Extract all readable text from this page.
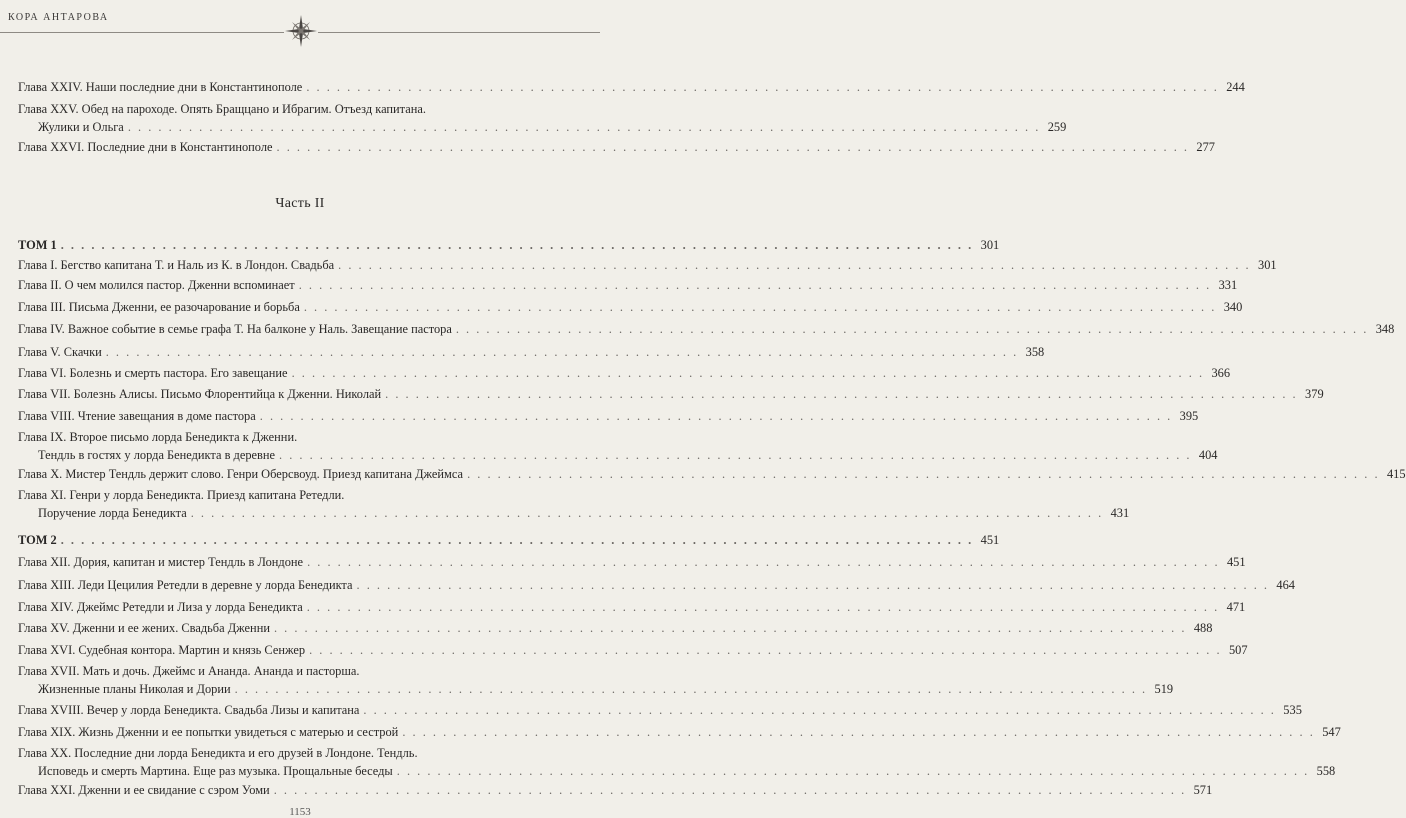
КОРА АНТАРОВА
Глава XXIV. Наши последние дни в Константинополе . . .	244
Глава XXV. Обед на пароходе. Опять Бращцано и Ибрагим. Отъезд капитана.
Жулики и Ольга . . .	259
Глава XXVI. Последние дни в Константинополе . . .	277
ТОМ 1 . . .	301
Глава I. Бегство капитана Т. и Наль из К. в Лондон. Свадьба . . .	301
Глава II. О чем молился пастор. Дженни вспоминает . . .	331
Глава III. Письма Дженни, ее разочарование и борьба . . .	340
Глава IV. Важное событие в семье графа Т. На балконе у Наль. Завещание пастора . . .	348
Глава V. Скачки . . .	358
Глава VI. Болезнь и смерть пастора. Его завещание . . .	366
Глава VII. Болезнь Алисы. Письмо Флорентийца к Дженни. Николай . . .	379
Глава VIII. Чтение завещания в доме пастора . . .	395
Глава IX. Второе письмо лорда Бенедикта к Дженни.
Тендль в гостях у лорда Бенедикта в деревне . . .	404
Глава X. Мистер Тендль держит слово. Генри Оберсвоуд. Приезд капитана Джеймса . . .	415
Глава XI. Генри у лорда Бенедикта. Приезд капитана Ретедли.
Поручение лорда Бенедикта . . .	431
ТОМ 2 . . .	451
Глава XII. Дория, капитан и мистер Тендль в Лондоне . . .	451
Глава XIII. Леди Цецилия Ретедли в деревне у лорда Бенедикта . . .	464
Глава XIV. Джеймс Ретедли и Лиза у лорда Бенедикта . . .	471
Глава XV. Дженни и ее жених. Свадьба Дженни . . .	488
Глава XVI. Судебная контора. Мартин и князь Сенжер . . .	507
Глава XVII. Мать и дочь. Джеймс и Ананда. Ананда и пасторша.
Жизненные планы Николая и Дории . . .	519
Глава XVIII. Вечер у лорда Бенедикта. Свадьба Лизы и капитана . . .	535
Глава XIX. Жизнь Дженни и ее попытки увидеться с матерью и сестрой . . .	547
Глава XX. Последние дни лорда Бенедикта и его друзей в Лондоне. Тендль.
Исповедь и смерть Мартина. Еще раз музыка. Прощальные беседы . . .	558
Глава XXI. Дженни и ее свидание с сэром Уоми . . .	571
Часть II
1153
